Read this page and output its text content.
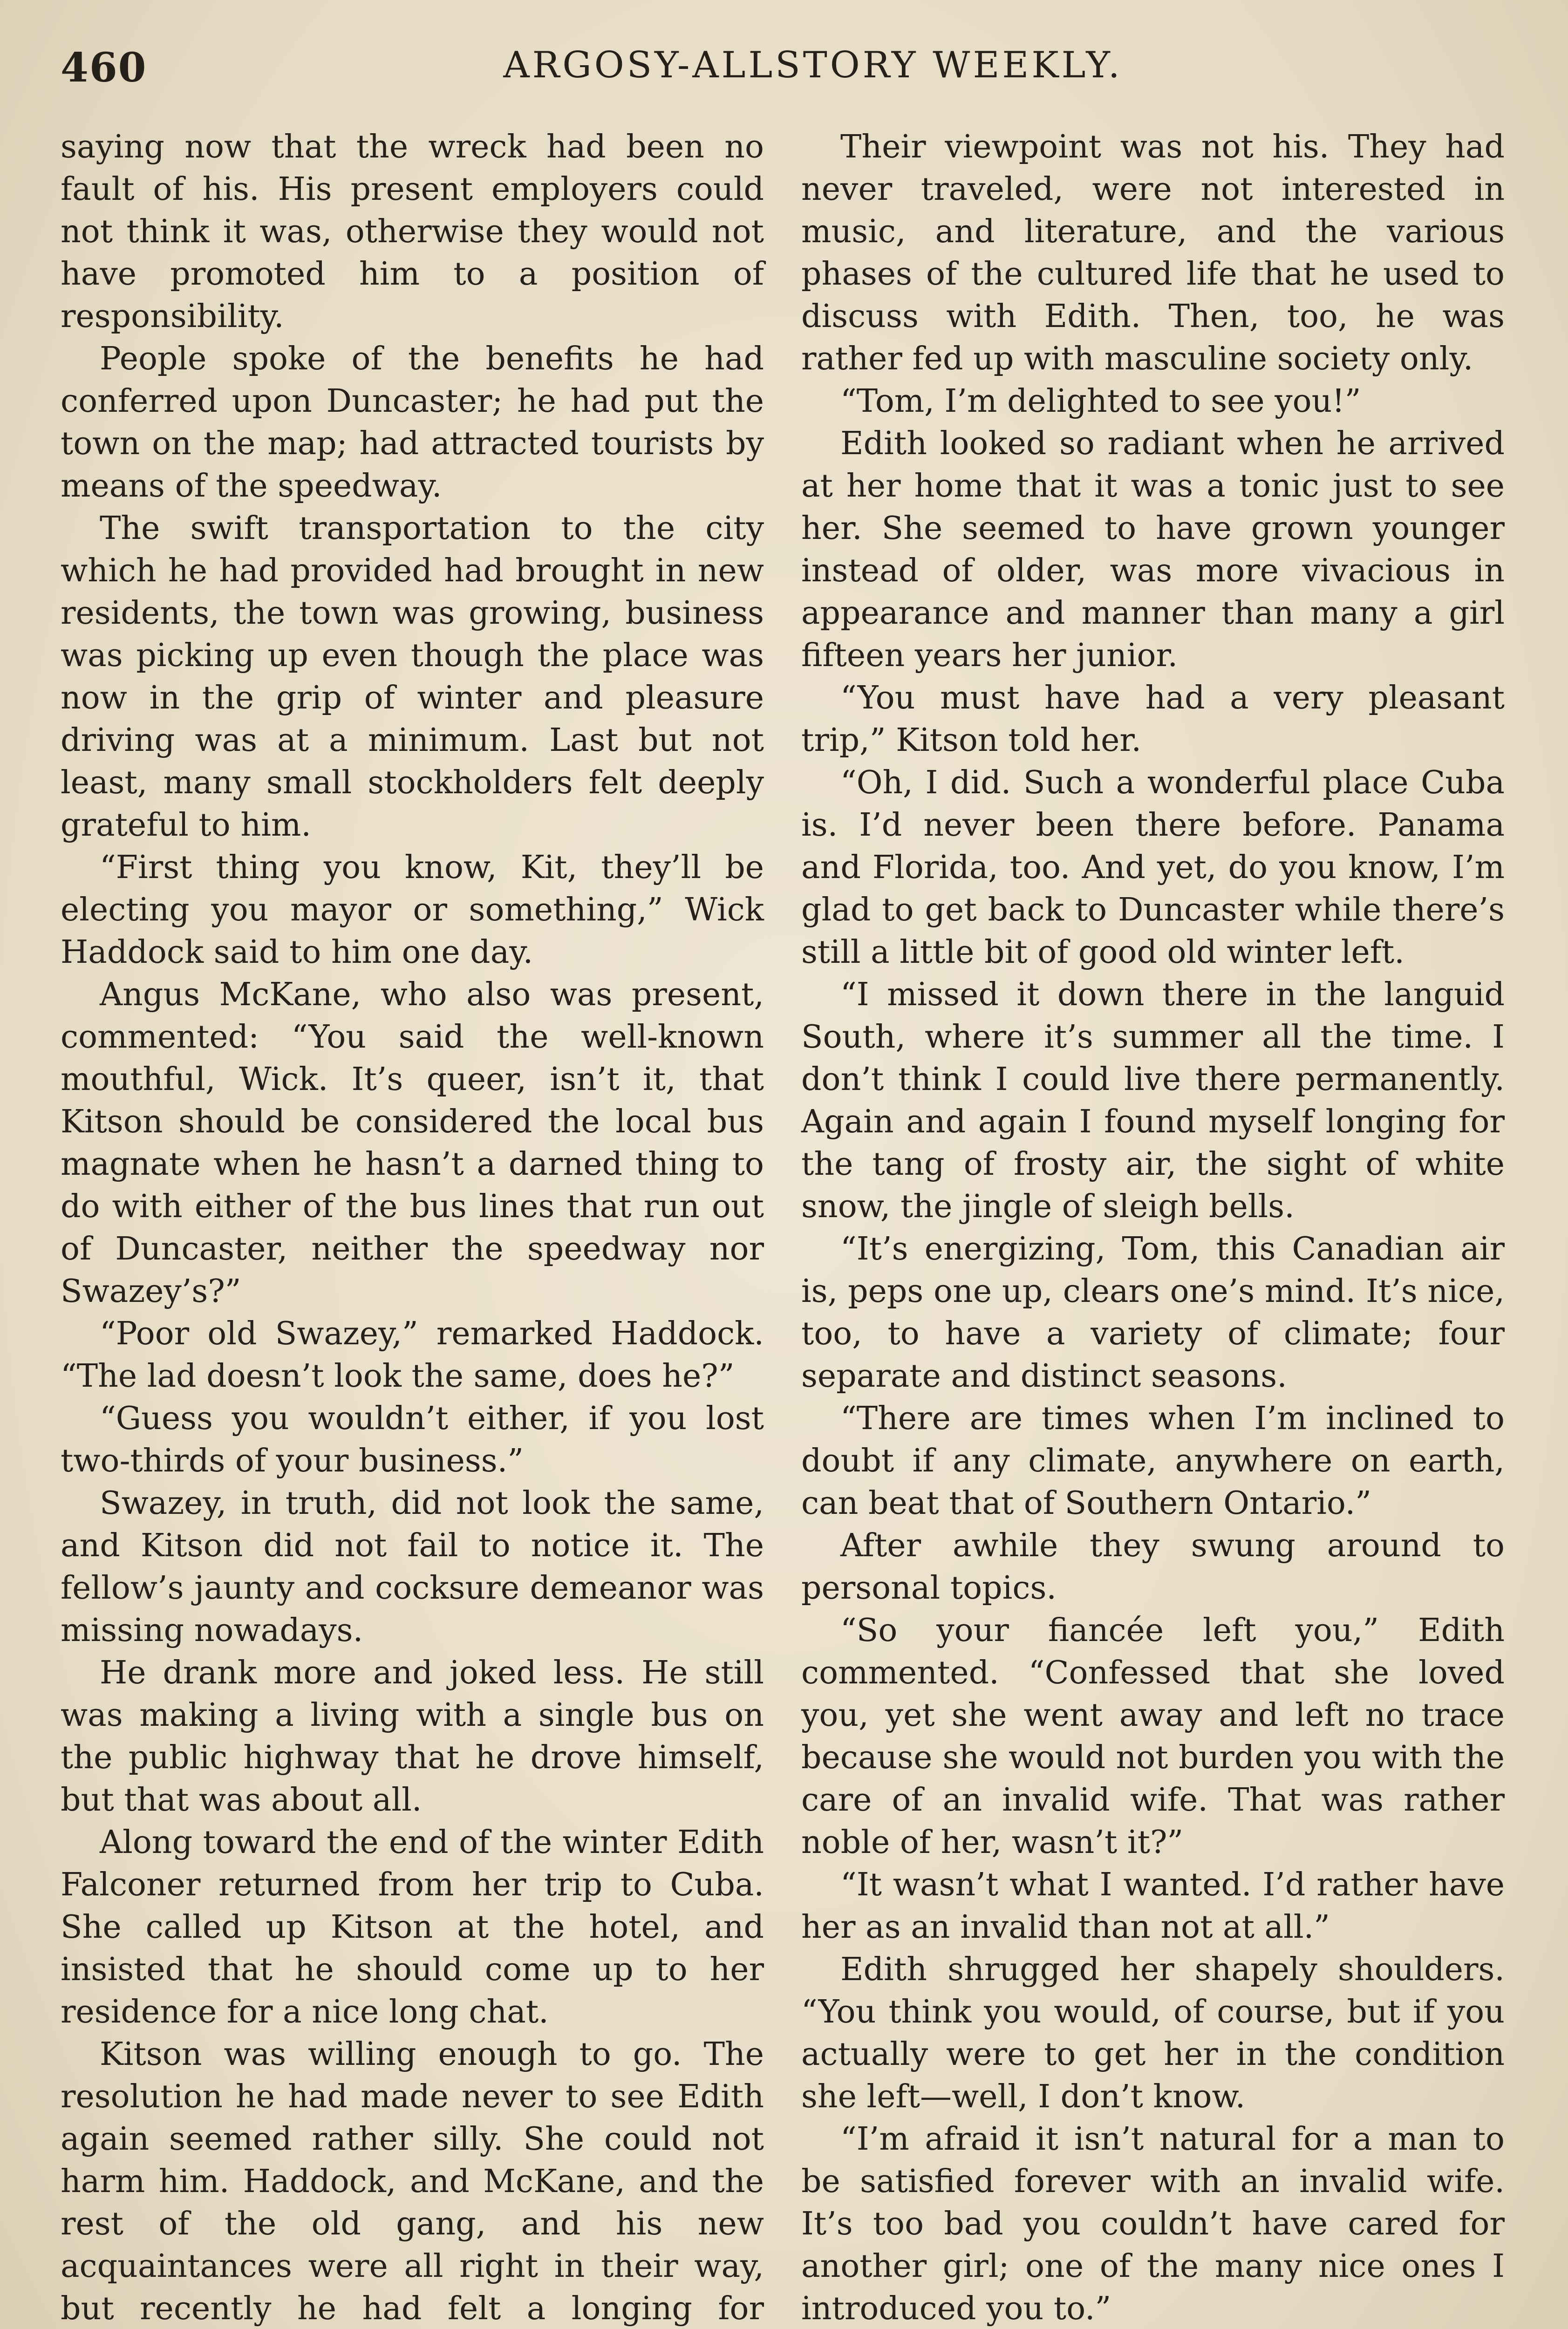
460	ARGOSY-ALLSTORY WEEKLY.

saying now that the wreck had been no fault of his. His present employers could not think it was, otherwise they would not have promoted him to a position of responsibility.

People spoke of the benefits he had conferred upon Duncaster; he had put the town on the map; had attracted tourists by means of the speedway.

The swift transportation to the city which he had provided had brought in new residents, the town was growing, business was picking up even though the place was now in the grip of winter and pleasure driving was at a minimum. Last but not least, many small stockholders felt deeply grateful to him.

“First thing you know, Kit, they’ll be electing you mayor or something,” Wick Haddock said to him one day.

Angus McKane, who also was present, commented: “You said the well-known mouthful, Wick. It’s queer, isn’t it, that Kitson should be considered the local bus magnate when he hasn’t a darned thing to do with either of the bus lines that run out of Duncaster, neither the speedway nor Swazey’s?”

“Poor old Swazey,” remarked Haddock. “The lad doesn’t look the same, does he?”

“Guess you wouldn’t either, if you lost two-thirds of your business.”

Swazey, in truth, did not look the same, and Kitson did not fail to notice it. The fellow’s jaunty and cocksure demeanor was missing nowadays.

He drank more and joked less. He still was making a living with a single bus on the public highway that he drove himself, but that was about all.

Along toward the end of the winter Edith Falconer returned from her trip to Cuba. She called up Kitson at the hotel, and insisted that he should come up to her residence for a nice long chat.

Kitson was willing enough to go. The resolution he had made never to see Edith again seemed rather silly. She could not harm him. Haddock, and McKane, and the rest of the old gang, and his new acquaintances were all right in their way, but recently he had felt a longing for

Their viewpoint was not his. They had never traveled, were not interested in music, and literature, and the various phases of the cultured life that he used to discuss with Edith. Then, too, he was rather fed up with masculine society only.

“Tom, I’m delighted to see you!”

Edith looked so radiant when he arrived at her home that it was a tonic just to see her. She seemed to have grown younger instead of older, was more vivacious in appearance and manner than many a girl fifteen years her junior.

“You must have had a very pleasant trip,” Kitson told her.

“Oh, I did. Such a wonderful place Cuba is. I’d never been there before. Panama and Florida, too. And yet, do you know, I’m glad to get back to Duncaster while there’s still a little bit of good old winter left.

“I missed it down there in the languid South, where it’s summer all the time. I don’t think I could live there permanently. Again and again I found myself longing for the tang of frosty air, the sight of white snow, the jingle of sleigh bells.

“It’s energizing, Tom, this Canadian air is, peps one up, clears one’s mind. It’s nice, too, to have a variety of climate; four separate and distinct seasons.

“There are times when I’m inclined to doubt if any climate, anywhere on earth, can beat that of Southern Ontario.”

After awhile they swung around to personal topics.

“So your fiancée left you,” Edith commented. “Confessed that she loved you, yet she went away and left no trace because she would not burden you with the care of an invalid wife. That was rather noble of her, wasn’t it?”

“It wasn’t what I wanted. I’d rather have her as an invalid than not at all.”

Edith shrugged her shapely shoulders. “You think you would, of course, but if you actually were to get her in the condition she left—well, I don’t know.

“I’m afraid it isn’t natural for a man to be satisfied forever with an invalid wife. It’s too bad you couldn’t have cared for another girl; one of the many nice ones I introduced you to.”
